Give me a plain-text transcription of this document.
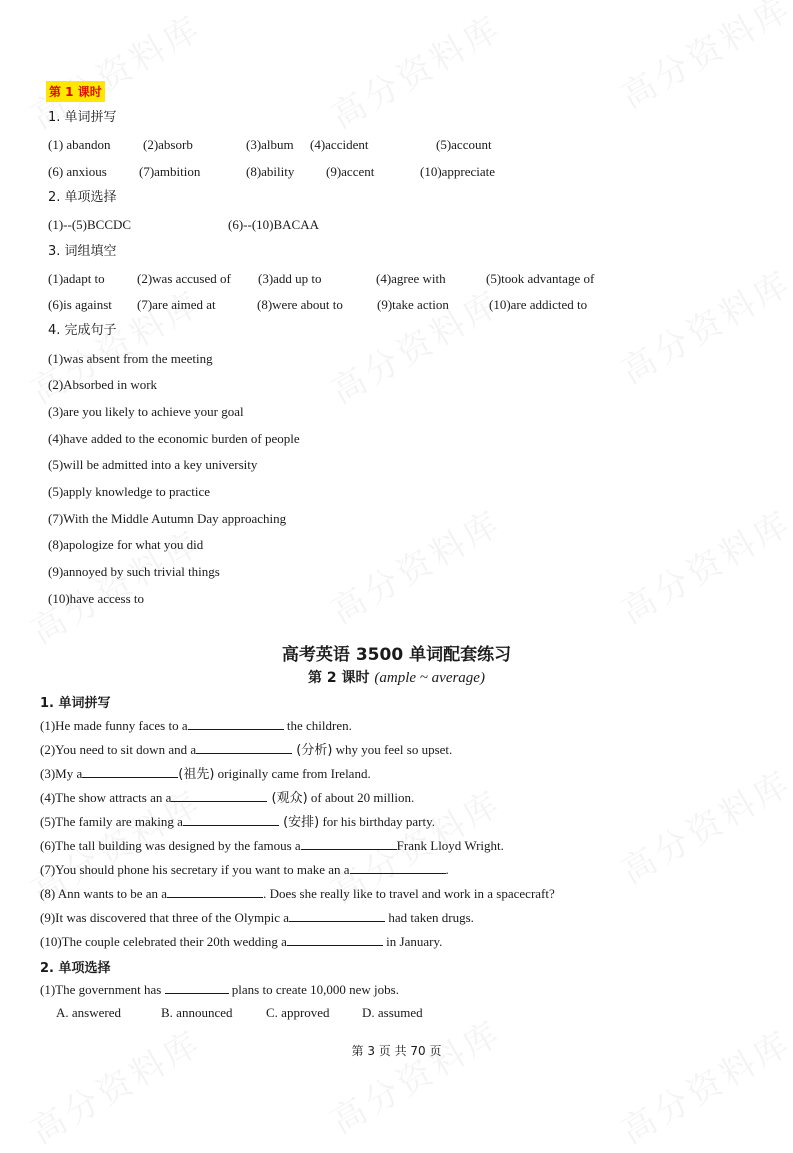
第 1 课时
1. 单词拼写
(1) abandon	(2)absorb	(3)album (4)accident	(5)account
(6) anxious (7)ambition	(8)ability (9)accent	(10)appreciate
2. 单项选择
(1)--(5)BCCDC	(6)--(10)BACAA
3. 词组填空
(1)adapt to (2)was accused of (3)add up to	(4)agree with	(5)took advantage of
(6)is against (7)are aimed at	(8)were about to	(9)take action	(10)are addicted to
4. 完成句子
(1)was absent from the meeting
(2)Absorbed in work
(3)are you likely to achieve your goal
(4)have added to the economic burden of people
(5)will be admitted into a key university
(5)apply knowledge to practice
(7)With the Middle Autumn Day approaching
(8)apologize for what you did
(9)annoyed by such trivial things
(10)have access to
高考英语 3500 单词配套练习
第 2 课时 (ample ~ average)
1. 单词拼写
(1)He made funny faces to a	the children.
(2)You need to sit down and a	(分析) why you feel so upset.
(3)My a	(祖先) originally came from Ireland.
(4)The show attracts an a	(观众) of about 20 million.
(5)The family are making a	(安排) for his birthday party.
(6)The tall building was designed by the famous a	Frank Lloyd Wright.
(7)You should phone his secretary if you want to make an a	.
(8) Ann wants to be an a	. Does she really like to travel and work in a spacecraft?
(9)It was discovered that three of the Olympic a	had taken drugs.
(10)The couple celebrated their 20th wedding a	in January.
2. 单项选择
(1)The government has	plans to create 10,000 new jobs.
A. answered	B. announced	C. approved D. assumed
第 3 页 共 70 页
